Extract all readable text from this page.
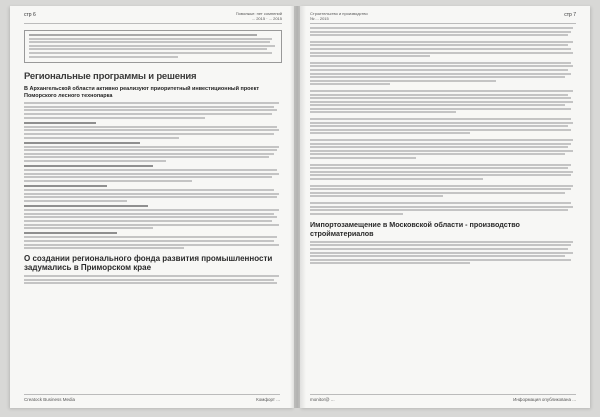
стр 6	Поволжье: нет сомнений
... 2015 · ... 2015
Региональные программы и решения
В Архангельской области активно реализуют приоритетный инвестиционный проект Поморского лесного технопарка
О создании регионального фонда развития промышленности задумались в Приморском крае
Creatock Business Media	Комфорт ...
Строительство и производство
№ ... 2015	стр 7
Импортозамещение в Московской области - производство стройматериалов
monitor@ ...	Информация опубликована ...
